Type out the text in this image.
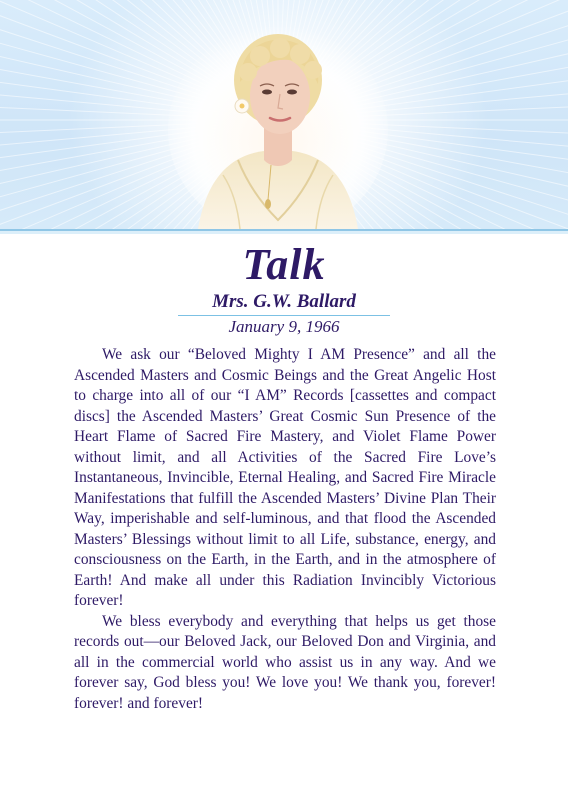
Talk
Mrs. G.W. Ballard
January 9, 1966

We ask our “Beloved Mighty I AM Presence” and all the Ascended Masters and Cosmic Beings and the Great Angelic Host to charge into all of our “I AM” Records [cassettes and compact discs] the Ascended Masters’ Great Cosmic Sun Presence of the Heart Flame of Sacred Fire Mastery, and Violet Flame Power without limit, and all Activities of the Sacred Fire Love’s Instantaneous, Invincible, Eternal Healing, and Sacred Fire Miracle Manifestations that fulfill the Ascended Masters’ Divine Plan Their Way, imperishable and self-luminous, and that flood the Ascended Masters’ Blessings without limit to all Life, substance, energy, and consciousness on the Earth, in the Earth, and in the atmosphere of Earth! And make all under this Radiation Invincibly Victorious forever!

We bless everybody and everything that helps us get those records out—our Beloved Jack, our Beloved Don and Virginia, and all in the commercial world who assist us in any way. And we forever say, God bless you! We love you! We thank you, forever! forever! and forever!
